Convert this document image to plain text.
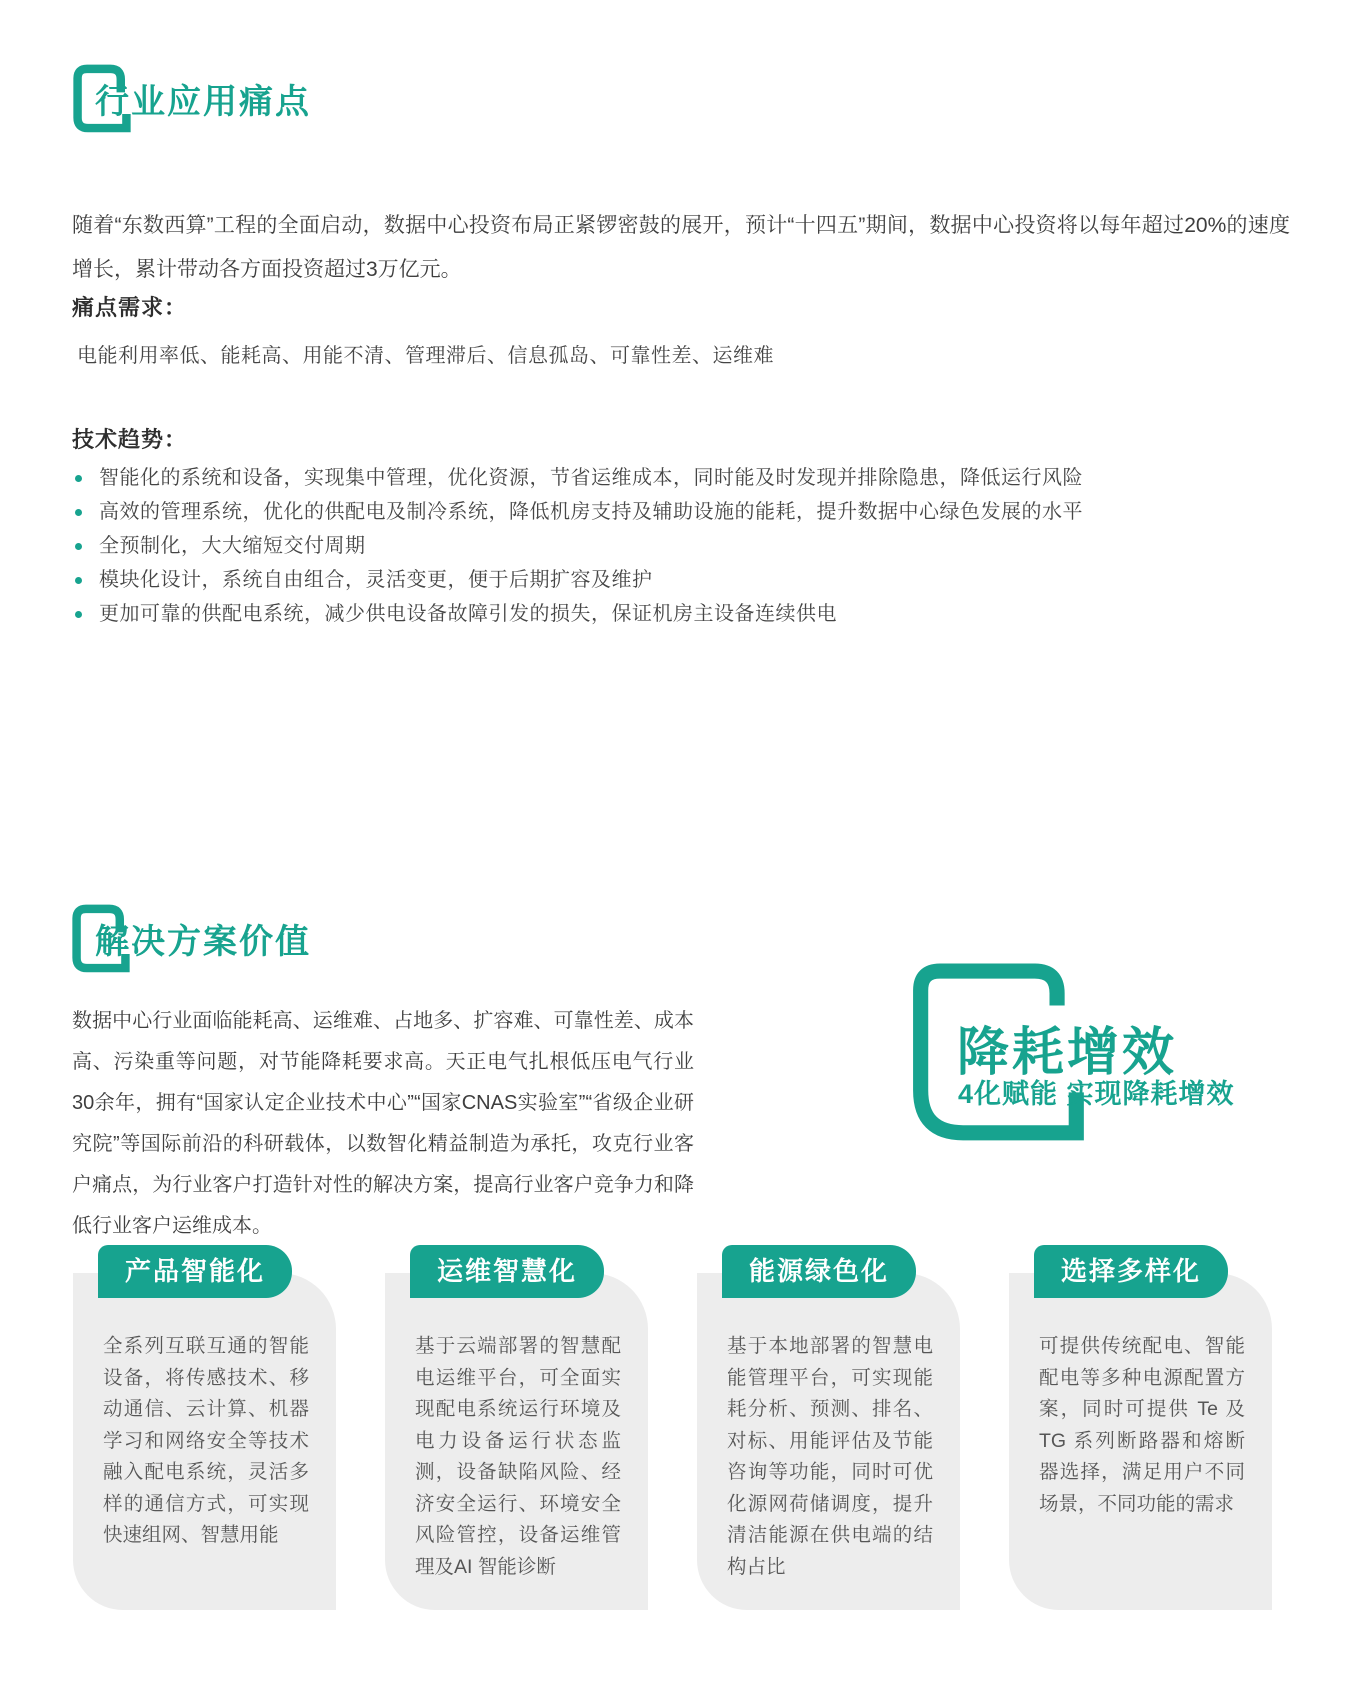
行业应用痛点
随着“东数西算”工程的全面启动，数据中心投资布局正紧锣密鼓的展开，预计“十四五”期间，数据中心投资将以每年超过20%的速度增长，累计带动各方面投资超过3万亿元。
痛点需求：
电能利用率低、能耗高、用能不清、管理滞后、信息孤岛、可靠性差、运维难
技术趋势：
智能化的系统和设备，实现集中管理，优化资源，节省运维成本，同时能及时发现并排除隐患，降低运行风险
高效的管理系统，优化的供配电及制冷系统，降低机房支持及辅助设施的能耗，提升数据中心绿色发展的水平
全预制化，大大缩短交付周期
模块化设计，系统自由组合，灵活变更，便于后期扩容及维护
更加可靠的供配电系统，减少供电设备故障引发的损失，保证机房主设备连续供电
解决方案价值
数据中心行业面临能耗高、运维难、占地多、扩容难、可靠性差、成本高、污染重等问题，对节能降耗要求高。天正电气扎根低压电气行业30余年，拥有“国家认定企业技术中心”“国家CNAS实验室”“省级企业研究院”等国际前沿的科研载体，以数智化精益制造为承托，攻克行业客户痛点，为行业客户打造针对性的解决方案，提高行业客户竞争力和降低行业客户运维成本。
降耗增效
4化赋能 实现降耗增效
产品智能化
全系列互联互通的智能设备，将传感技术、移动通信、云计算、机器学习和网络安全等技术融入配电系统，灵活多样的通信方式，可实现快速组网、智慧用能
运维智慧化
基于云端部署的智慧配电运维平台，可全面实现配电系统运行环境及电力设备运行状态监测，设备缺陷风险、经济安全运行、环境安全风险管控，设备运维管理及AI 智能诊断
能源绿色化
基于本地部署的智慧电能管理平台，可实现能耗分析、预测、排名、对标、用能评估及节能咨询等功能，同时可优化源网荷储调度，提升清洁能源在供电端的结构占比
选择多样化
可提供传统配电、智能配电等多种电源配置方案，同时可提供 Te 及TG 系列断路器和熔断器选择，满足用户不同场景，不同功能的需求
